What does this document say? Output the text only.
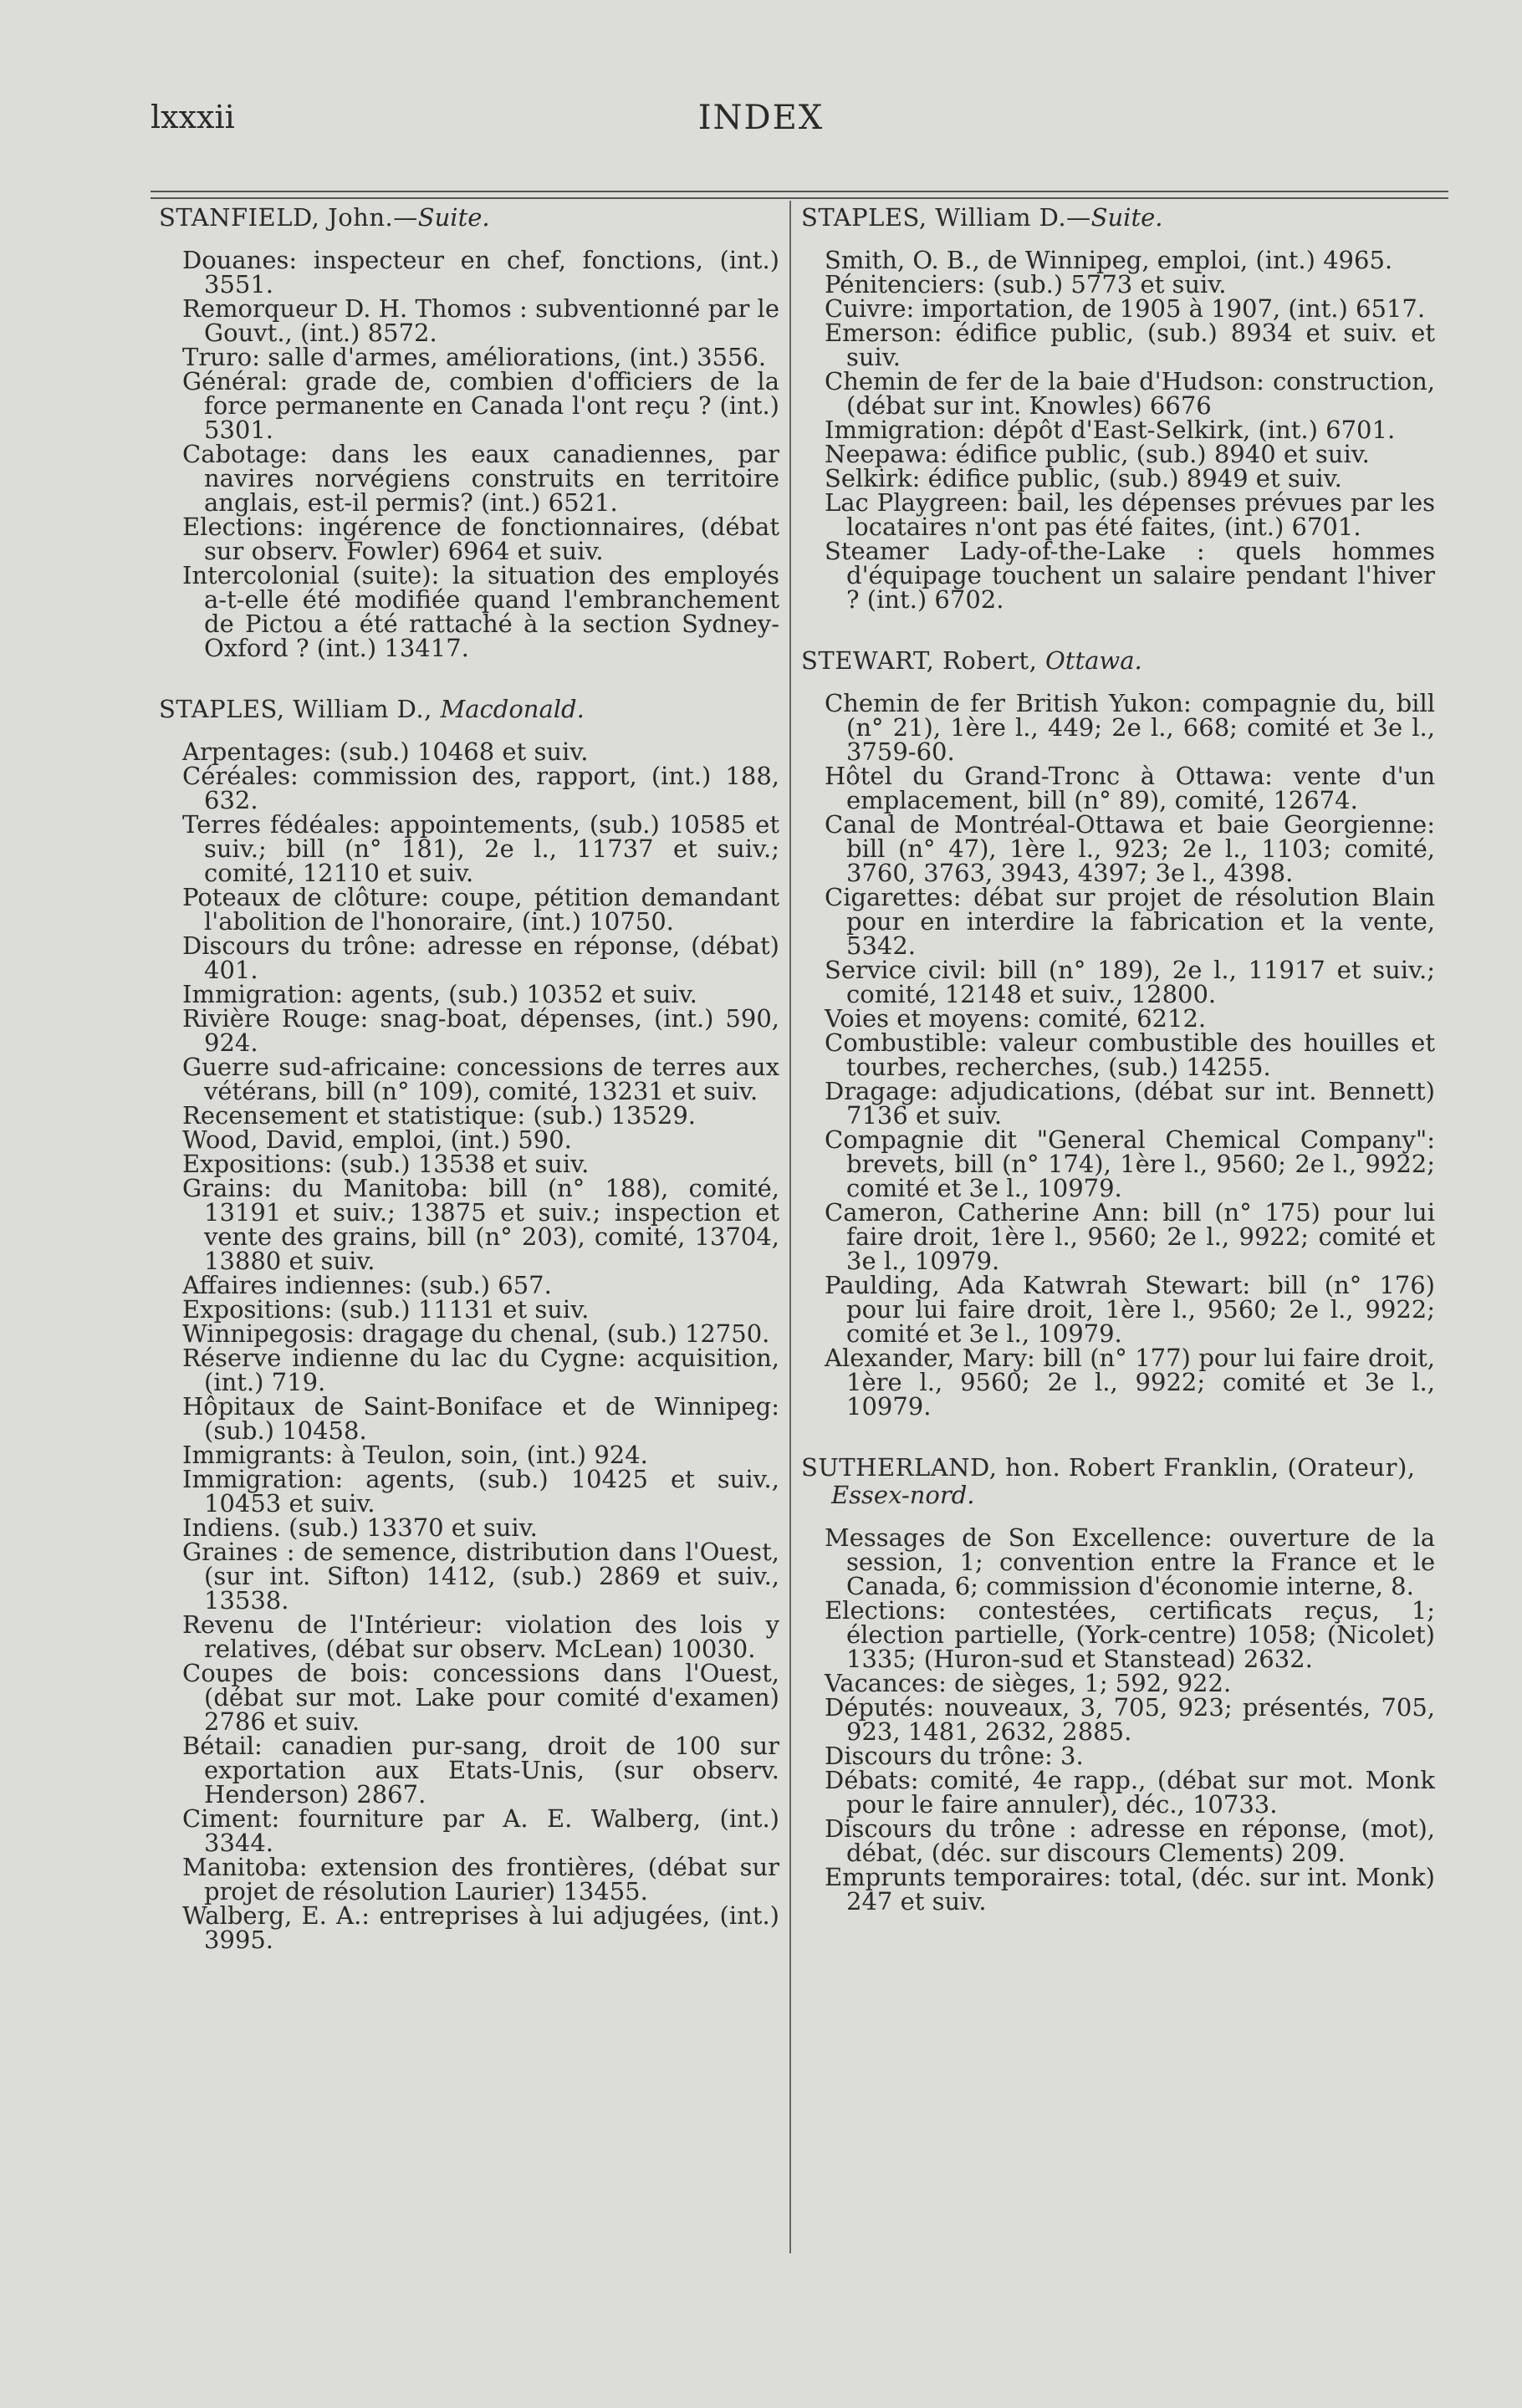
lxxxii	INDEX
STANFIELD, John.—Suite.
Douanes: inspecteur en chef, fonctions, (int.) 3551.
Remorqueur D. H. Thomos : subventionné par le Gouvt., (int.) 8572.
Truro: salle d'armes, améliorations, (int.) 3556.
Général: grade de, combien d'officiers de la force permanente en Canada l'ont reçu ? (int.) 5301.
Cabotage: dans les eaux canadiennes, par navires norvégiens construits en territoire anglais, est-il permis? (int.) 6521.
Elections: ingérence de fonctionnaires, (débat sur observ. Fowler) 6964 et suiv.
Intercolonial (suite): la situation des employés a-t-elle été modifiée quand l'embranchement de Pictou a été rattaché à la section Sydney-Oxford ? (int.) 13417.
STAPLES, William D., Macdonald.
Arpentages: (sub.) 10468 et suiv.
Céréales: commission des, rapport, (int.) 188, 632.
Terres fédéales: appointements, (sub.) 10585 et suiv.; bill (n° 181), 2e l., 11737 et suiv.; comité, 12110 et suiv.
Poteaux de clôture: coupe, pétition demandant l'abolition de l'honoraire, (int.) 10750.
Discours du trône: adresse en réponse, (débat) 401.
Immigration: agents, (sub.) 10352 et suiv.
Rivière Rouge: snag-boat, dépenses, (int.) 590, 924.
Guerre sud-africaine: concessions de terres aux vétérans, bill (n° 109), comité, 13231 et suiv.
Recensement et statistique: (sub.) 13529.
Wood, David, emploi, (int.) 590.
Expositions: (sub.) 13538 et suiv.
Grains: du Manitoba: bill (n° 188), comité, 13191 et suiv.; 13875 et suiv.; inspection et vente des grains, bill (n° 203), comité, 13704, 13880 et suiv.
Affaires indiennes: (sub.) 657.
Expositions: (sub.) 11131 et suiv.
Winnipegosis: dragage du chenal, (sub.) 12750.
Réserve indienne du lac du Cygne: acquisition, (int.) 719.
Hôpitaux de Saint-Boniface et de Winnipeg: (sub.) 10458.
Immigrants: à Teulon, soin, (int.) 924.
Immigration: agents, (sub.) 10425 et suiv., 10453 et suiv.
Indiens. (sub.) 13370 et suiv.
Graines : de semence, distribution dans l'Ouest, (sur int. Sifton) 1412, (sub.) 2869 et suiv., 13538.
Revenu de l'Intérieur: violation des lois y relatives, (débat sur observ. McLean) 10030.
Coupes de bois: concessions dans l'Ouest, (débat sur mot. Lake pour comité d'examen) 2786 et suiv.
Bétail: canadien pur-sang, droit de 100 sur exportation aux Etats-Unis, (sur observ. Henderson) 2867.
Ciment: fourniture par A. E. Walberg, (int.) 3344.
Manitoba: extension des frontières, (débat sur projet de résolution Laurier) 13455.
Walberg, E. A.: entreprises à lui adjugées, (int.) 3995.
STAPLES, William D.—Suite.
Smith, O. B., de Winnipeg, emploi, (int.) 4965.
Pénitenciers: (sub.) 5773 et suiv.
Cuivre: importation, de 1905 à 1907, (int.) 6517.
Emerson: édifice public, (sub.) 8934 et suiv. et suiv.
Chemin de fer de la baie d'Hudson: construction, (débat sur int. Knowles) 6676
Immigration: dépôt d'East-Selkirk, (int.) 6701.
Neepawa: édifice public, (sub.) 8940 et suiv.
Selkirk: édifice public, (sub.) 8949 et suiv.
Lac Playgreen: bail, les dépenses prévues par les locataires n'ont pas été faites, (int.) 6701.
Steamer Lady-of-the-Lake : quels hommes d'équipage touchent un salaire pendant l'hiver ? (int.) 6702.
STEWART, Robert, Ottawa.
Chemin de fer British Yukon: compagnie du, bill (n° 21), 1ère l., 449; 2e l., 668; comité et 3e l., 3759-60.
Hôtel du Grand-Tronc à Ottawa: vente d'un emplacement, bill (n° 89), comité, 12674.
Canal de Montréal-Ottawa et baie Georgienne: bill (n° 47), 1ère l., 923; 2e l., 1103; comité, 3760, 3763, 3943, 4397; 3e l., 4398.
Cigarettes: débat sur projet de résolution Blain pour en interdire la fabrication et la vente, 5342.
Service civil: bill (n° 189), 2e l., 11917 et suiv.; comité, 12148 et suiv., 12800.
Voies et moyens: comité, 6212.
Combustible: valeur combustible des houilles et tourbes, recherches, (sub.) 14255.
Dragage: adjudications, (débat sur int. Bennett) 7136 et suiv.
Compagnie dit "General Chemical Company": brevets, bill (n° 174), 1ère l., 9560; 2e l., 9922; comité et 3e l., 10979.
Cameron, Catherine Ann: bill (n° 175) pour lui faire droit, 1ère l., 9560; 2e l., 9922; comité et 3e l., 10979.
Paulding, Ada Katwrah Stewart: bill (n° 176) pour lui faire droit, 1ère l., 9560; 2e l., 9922; comité et 3e l., 10979.
Alexander, Mary: bill (n° 177) pour lui faire droit, 1ère l., 9560; 2e l., 9922; comité et 3e l., 10979.
SUTHERLAND, hon. Robert Franklin, (Orateur), Essex-nord.
Messages de Son Excellence: ouverture de la session, 1; convention entre la France et le Canada, 6; commission d'économie interne, 8.
Elections: contestées, certificats reçus, 1; élection partielle, (York-centre) 1058; (Nicolet) 1335; (Huron-sud et Stanstead) 2632.
Vacances: de sièges, 1; 592, 922.
Députés: nouveaux, 3, 705, 923; présentés, 705, 923, 1481, 2632, 2885.
Discours du trône: 3.
Débats: comité, 4e rapp., (débat sur mot. Monk pour le faire annuler), déc., 10733.
Discours du trône : adresse en réponse, (mot), débat, (déc. sur discours Clements) 209.
Emprunts temporaires: total, (déc. sur int. Monk) 247 et suiv.
